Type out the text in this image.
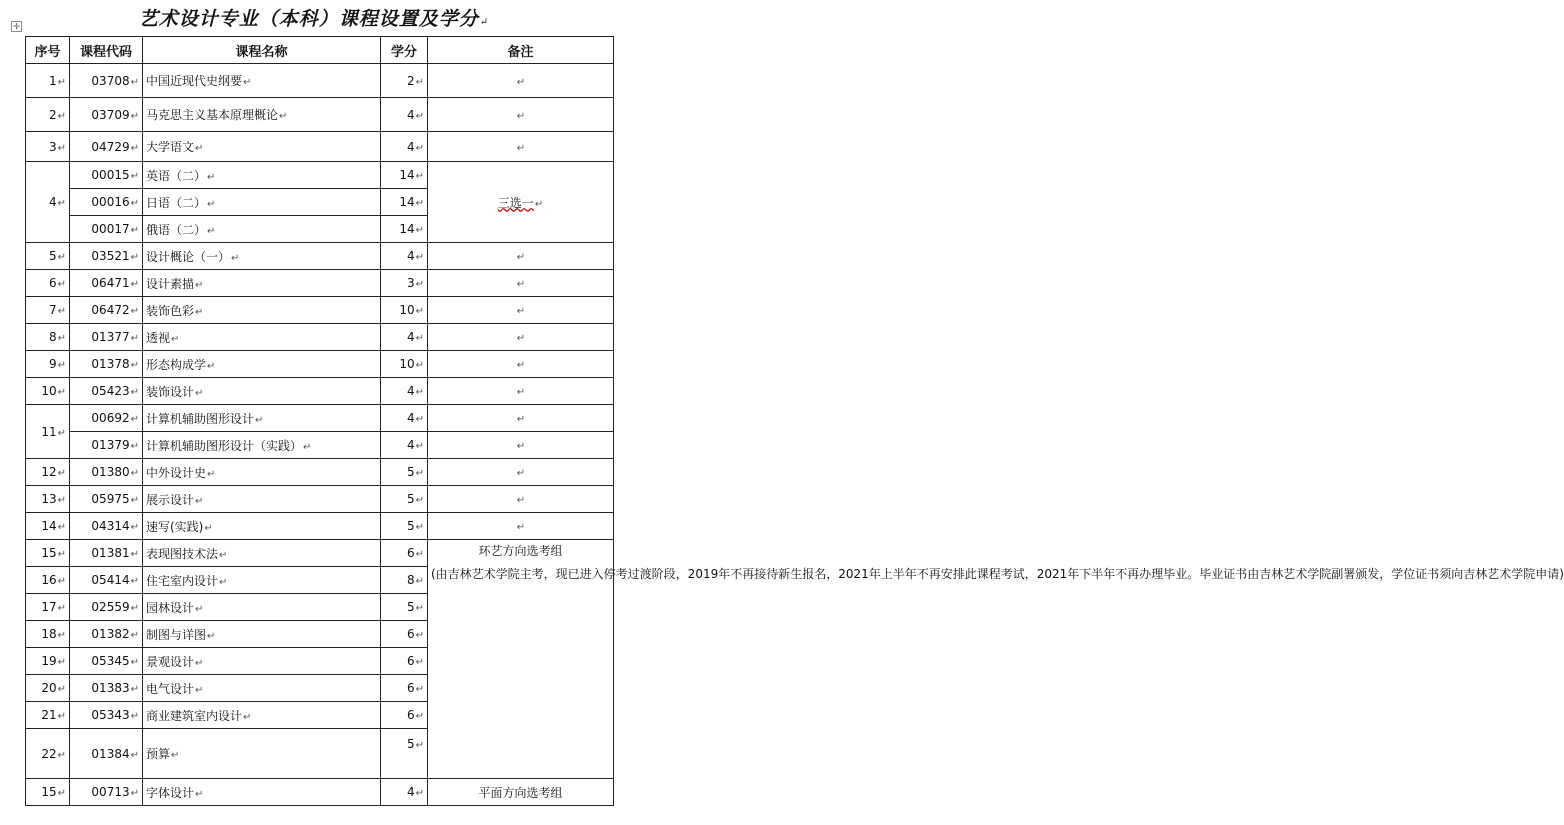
艺术设计专业（本科）课程设置及学分↵
✛
序号	课程代码	课程名称	学分	备注
1↵	03708↵	中国近现代史纲要↵	2↵	↵
2↵	03709↵	马克思主义基本原理概论↵	4↵	↵
3↵	04729↵	大学语文↵	4↵	↵
4↵	00015↵	英语（二）↵	14↵	三选一↵
	00016↵	日语（二）↵	14↵	
	00017↵	俄语（二）↵	14↵	
5↵	03521↵	设计概论（一）↵	4↵	↵
6↵	06471↵	设计素描↵	3↵	↵
7↵	06472↵	装饰色彩↵	10↵	↵
8↵	01377↵	透视↵	4↵	↵
9↵	01378↵	形态构成学↵	10↵	↵
10↵	05423↵	装饰设计↵	4↵	↵
11↵	00692↵	计算机辅助图形设计↵	4↵	↵
	01379↵	计算机辅助图形设计（实践）↵	4↵	↵
12↵	01380↵	中外设计史↵	5↵	↵
13↵	05975↵	展示设计↵	5↵	↵
14↵	04314↵	速写(实践)↵	5↵	↵
15↵	01381↵	表现图技术法↵	6↵	环艺方向选考组
(由吉林艺术学院主考，现已进入停考过渡阶段，2019年不再接待新生报名，2021年上半年不再安排此课程考试，2021年下半年不再办理毕业。毕业证书由吉林艺术学院副署颁发，学位证书须向吉林艺术学院申请)

16↵	05414↵	住宅室内设计↵	8↵	
17↵	02559↵	园林设计↵	5↵	
18↵	01382↵	制图与详图↵	6↵	
19↵	05345↵	景观设计↵	6↵	
20↵	01383↵	电气设计↵	6↵	
21↵	05343↵	商业建筑室内设计↵	6↵	
22↵	01384↵	预算↵	5↵	
15↵	00713↵	字体设计↵	4↵	平面方向选考组
